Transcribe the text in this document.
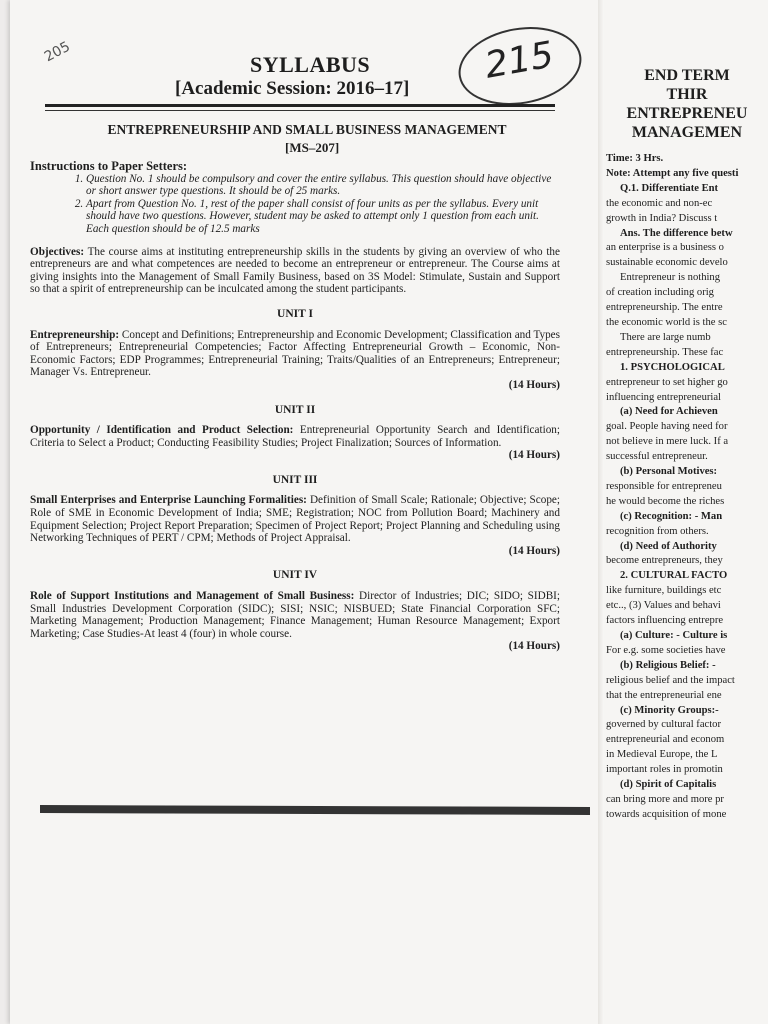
205	215
SYLLABUS
[Academic Session: 2016–17]
ENTREPRENEURSHIP AND SMALL BUSINESS MANAGEMENT
[MS–207]

Instructions to Paper Setters:

1. Question No. 1 should be compulsory and cover the entire syllabus. This question should have objective or short answer type questions. It should be of 25 marks.
2. Apart from Question No. 1, rest of the paper shall consist of four units as per the syllabus. Every unit should have two questions. However, student may be asked to attempt only 1 question from each unit. Each question should be of 12.5 marks

Objectives: The course aims at instituting entrepreneurship skills in the students by giving an overview of who the entrepreneurs are and what competences are needed to become an entrepreneur or entrepreneur. The Course aims at giving insights into the Management of Small Family Business, based on 3S Model: Stimulate, Sustain and Support so that a spirit of entrepreneurship can be inculcated among the student participants.

UNIT I

Entrepreneurship: Concept and Definitions; Entrepreneurship and Economic Development; Classification and Types of Entrepreneurs; Entrepreneurial Competencies; Factor Affecting Entrepreneurial Growth – Economic, Non-Economic Factors; EDP Programmes; Entrepreneurial Training; Traits/Qualities of an Entrepreneurs; Entrepreneur; Manager Vs. Entrepreneur.

(14 Hours)

UNIT II

Opportunity / Identification and Product Selection: Entrepreneurial Opportunity Search and Identification; Criteria to Select a Product; Conducting Feasibility Studies; Project Finalization; Sources of Information.

(14 Hours)

UNIT III

Small Enterprises and Enterprise Launching Formalities: Definition of Small Scale; Rationale; Objective; Scope; Role of SME in Economic Development of India; SME; Registration; NOC from Pollution Board; Machinery and Equipment Selection; Project Report Preparation; Specimen of Project Report; Project Planning and Scheduling using Networking Techniques of PERT / CPM; Methods of Project Appraisal.

(14 Hours)

UNIT IV

Role of Support Institutions and Management of Small Business: Director of Industries; DIC; SIDO; SIDBI; Small Industries Development Corporation (SIDC); SISI; NSIC; NISBUED; State Financial Corporation SFC; Marketing Management; Production Management; Finance Management; Human Resource Management; Export Marketing; Case Studies-At least 4 (four) in whole course.

(14 Hours)

END TERM
THIR
ENTREPRENEU
MANAGEMEN

Time: 3 Hrs.

Note: Attempt any five questi

Q.1. Differentiate Ent

the economic and non-ec

growth in India? Discuss t

Ans. The difference betw

an enterprise is a business o

sustainable economic develo

Entrepreneur is nothing

of creation including orig

entrepreneurship. The entre

the economic world is the sc

There are large numb

entrepreneurship. These fac

1. PSYCHOLOGICAL

entrepreneur to set higher go

influencing entrepreneurial

(a) Need for Achieven

goal. People having need for

not believe in mere luck. If a

successful entrepreneur.

(b) Personal Motives:

responsible for entrepreneu

he would become the riches

(c) Recognition: - Man

recognition from others.

(d) Need of Authority

become entrepreneurs, they

2. CULTURAL FACTO

like furniture, buildings etc

etc.., (3) Values and behavi

factors influencing entrepre

(a) Culture: - Culture is

For e.g. some societies have

(b) Religious Belief: -

religious belief and the impact

that the entrepreneurial ene

(c) Minority Groups:-

governed by cultural factor

entrepreneurial and econom

in Medieval Europe, the L

important roles in promotin

(d) Spirit of Capitalis

can bring more and more pr

towards acquisition of mone
